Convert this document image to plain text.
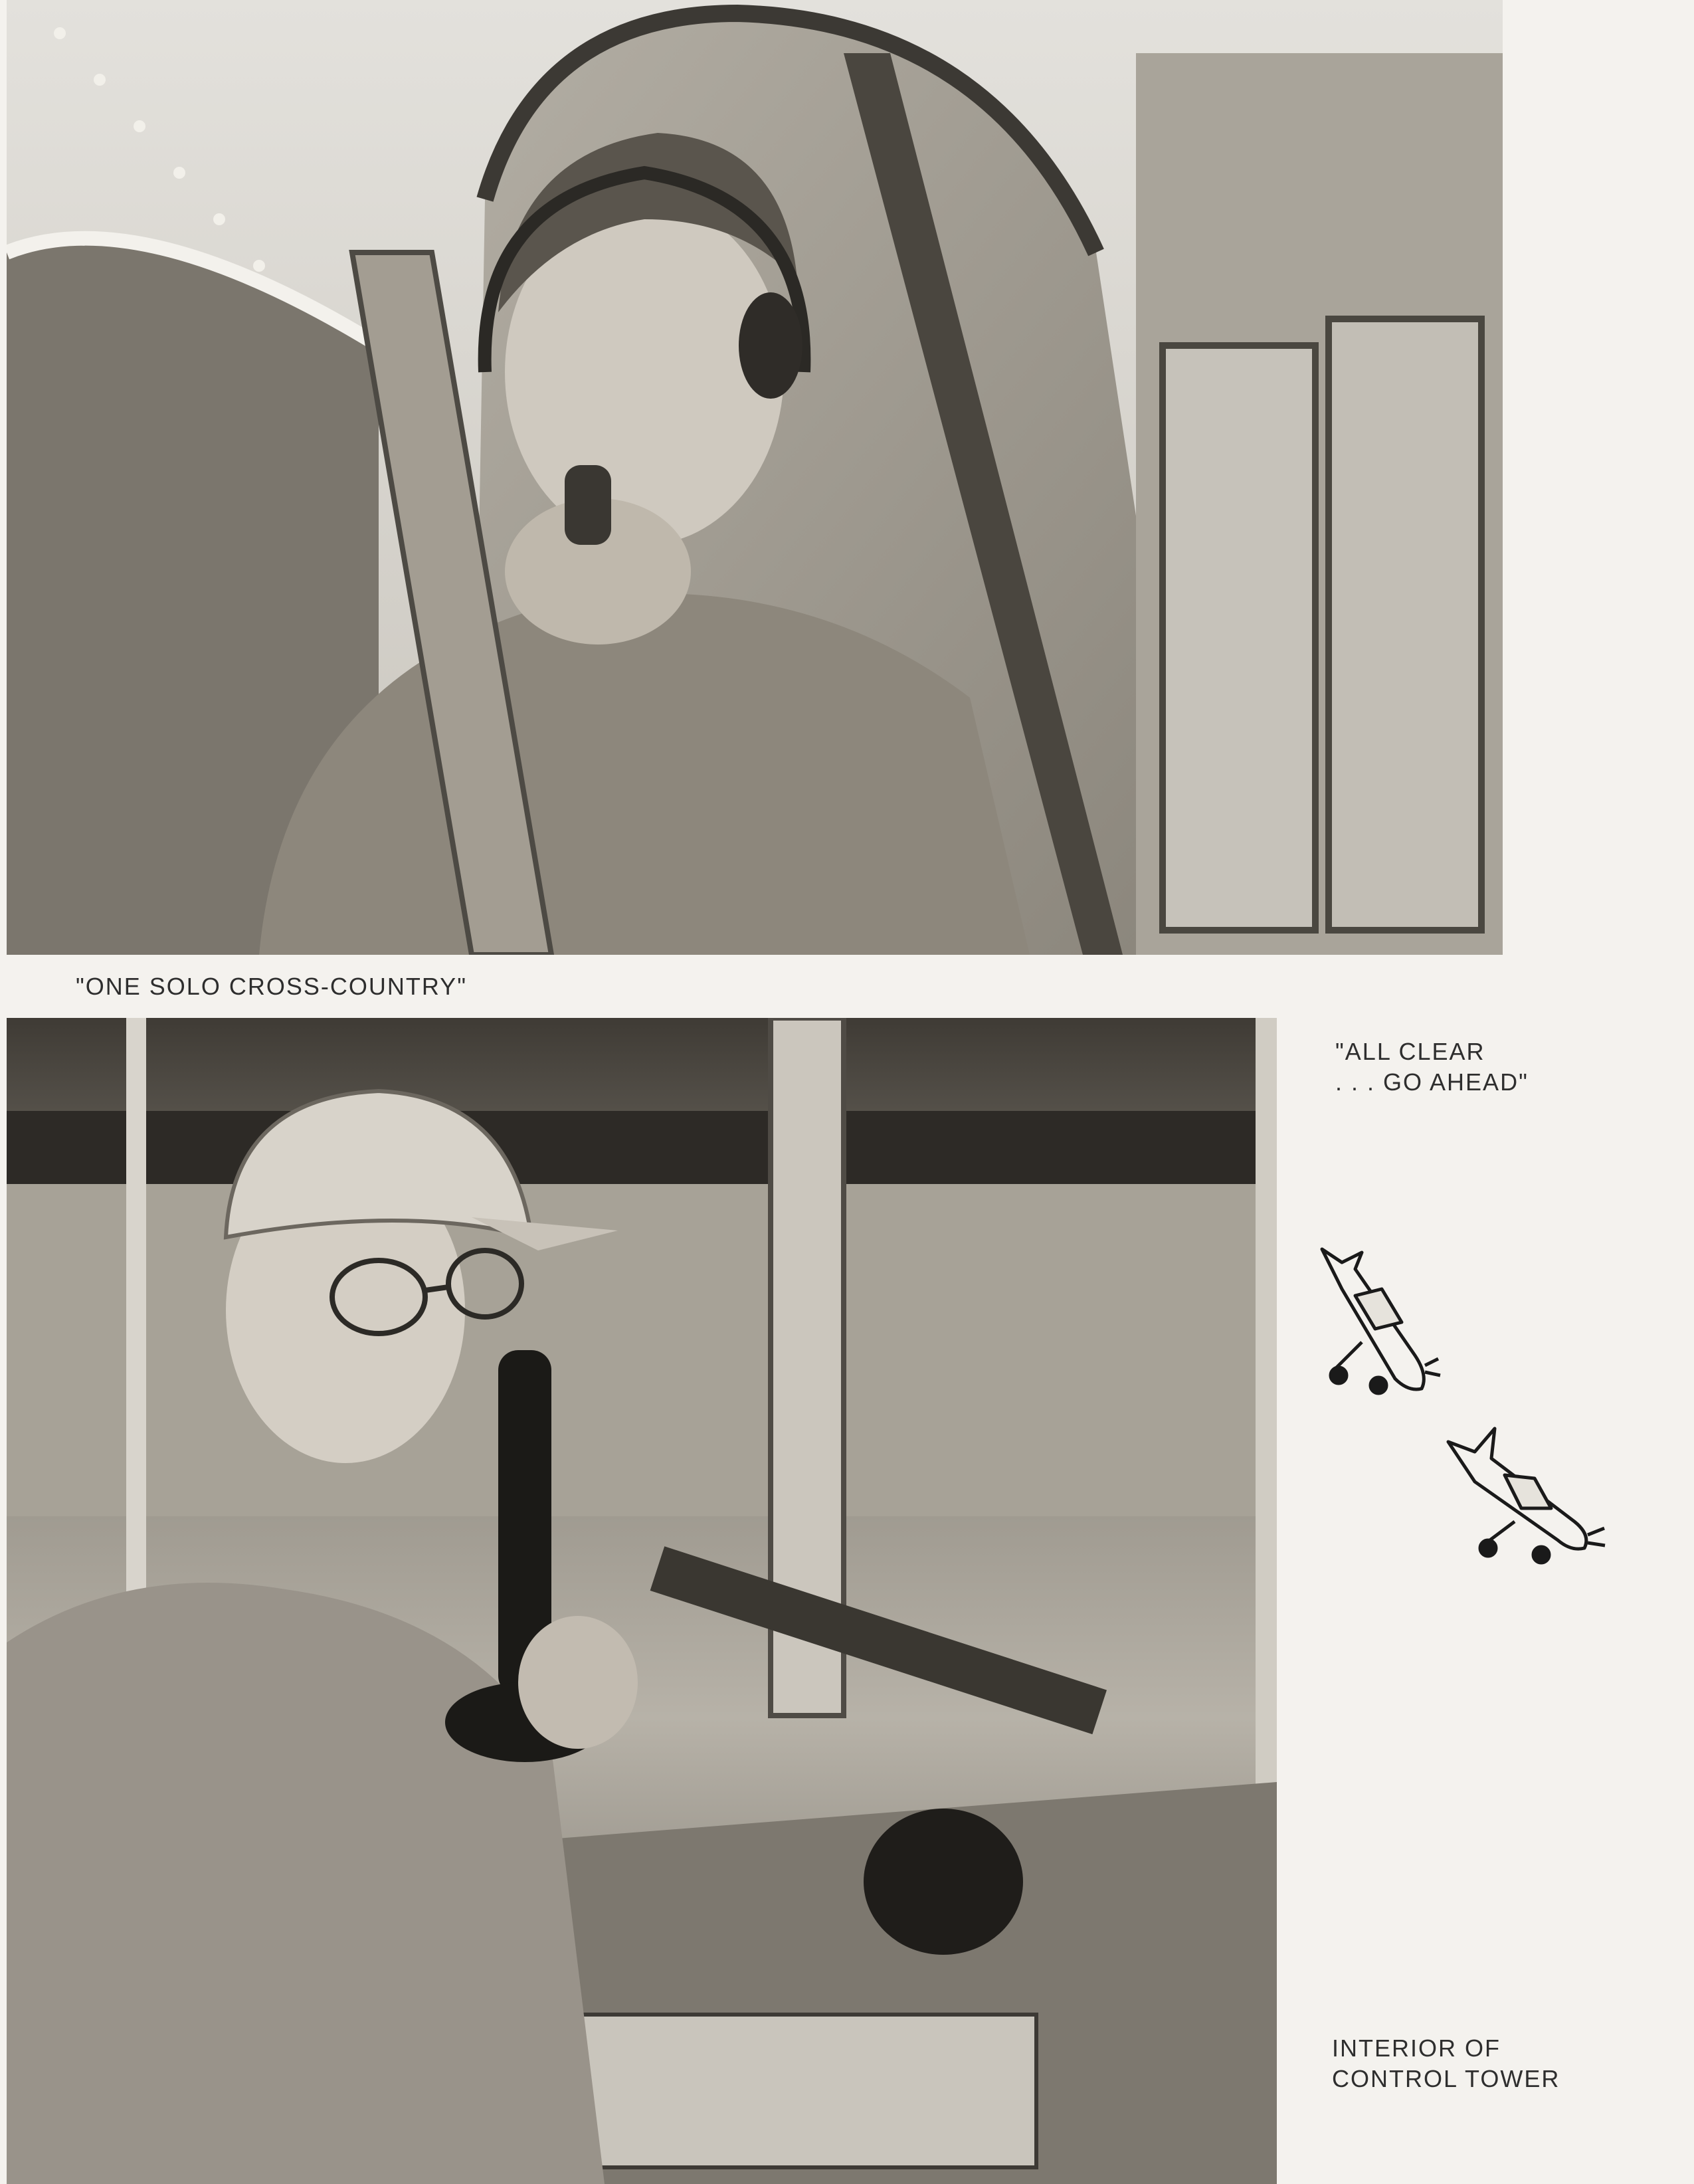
"ONE SOLO CROSS-COUNTRY"
"ALL CLEAR
. . . GO AHEAD"
INTERIOR OF
CONTROL TOWER
